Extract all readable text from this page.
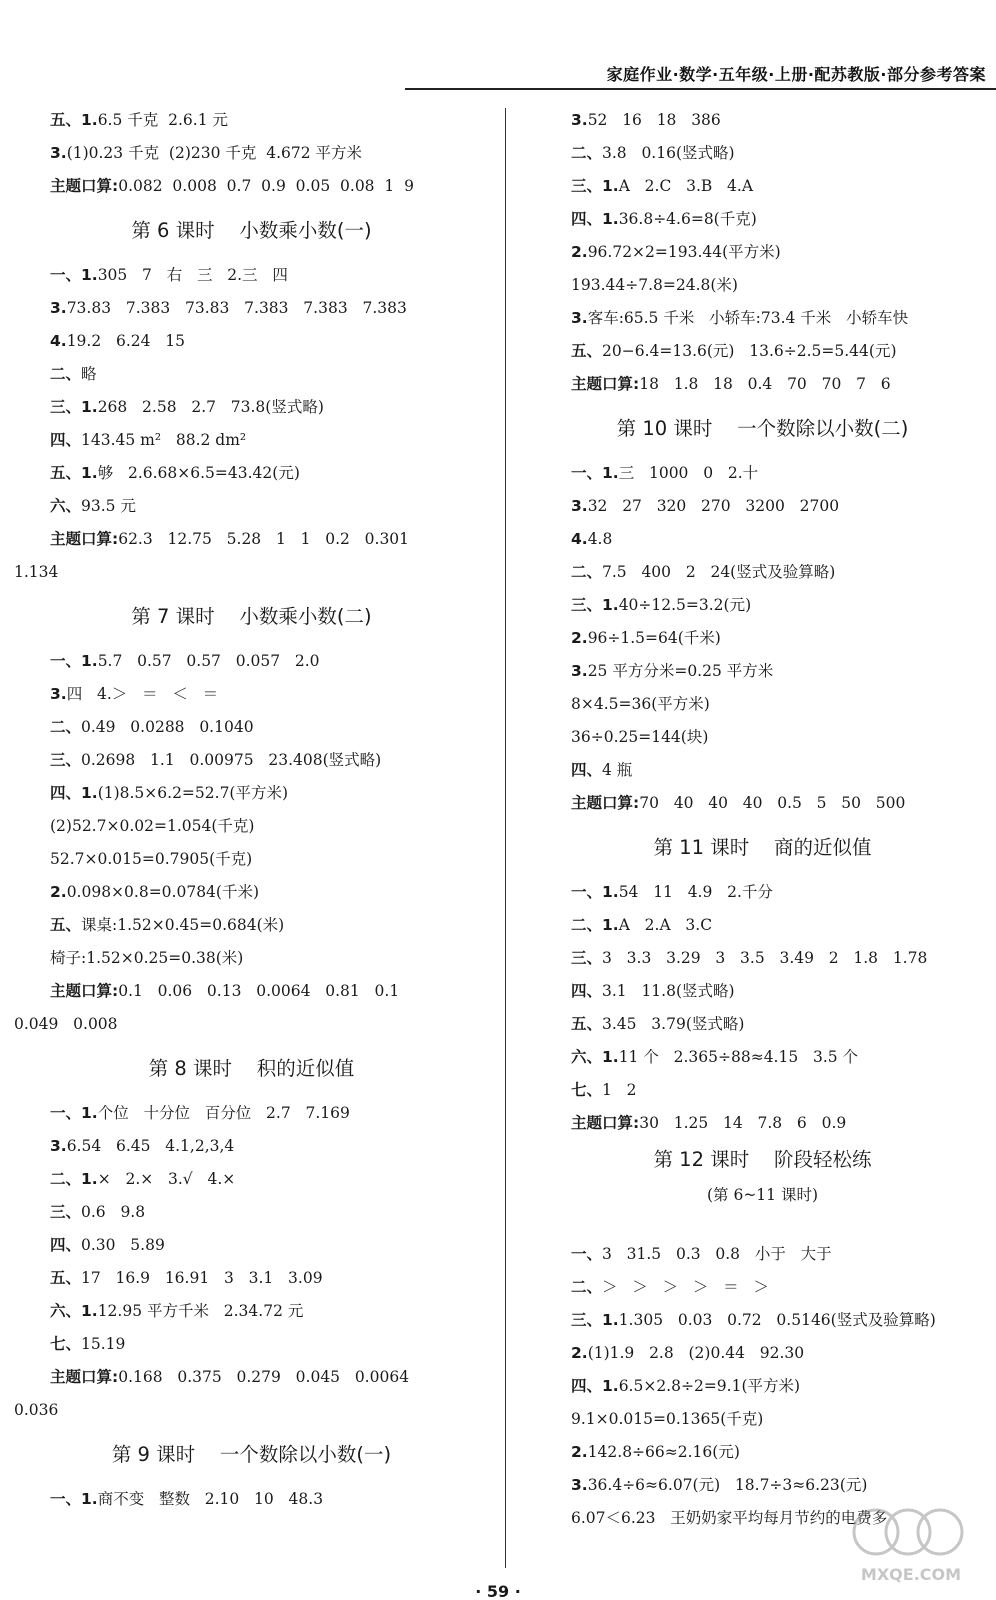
家庭作业·数学·五年级·上册·配苏教版·部分参考答案
五、1.6.5 千克  2.6.1 元
3.(1)0.23 千克  (2)230 千克  4.672 平方米
主题口算:0.082  0.008  0.7  0.9  0.05  0.08  1  9
第 6 课时    小数乘小数(一)
一、1.305   7   右   三   2.三   四
3.73.83   7.383   73.83   7.383   7.383   7.383
4.19.2   6.24   15
二、略
三、1.268   2.58   2.7   73.8(竖式略)
四、143.45 m²   88.2 dm²
五、1.够   2.6.68×6.5=43.42(元)
六、93.5 元
主题口算:62.3   12.75   5.28   1   1   0.2   0.301
1.134
第 7 课时    小数乘小数(二)
一、1.5.7   0.57   0.57   0.057   2.0
3.四   4.＞   ＝   ＜   ＝
二、0.49   0.0288   0.1040
三、0.2698   1.1   0.00975   23.408(竖式略)
四、1.(1)8.5×6.2=52.7(平方米)
(2)52.7×0.02=1.054(千克)
52.7×0.015=0.7905(千克)
2.0.098×0.8=0.0784(千米)
五、课桌:1.52×0.45=0.684(米)
椅子:1.52×0.25=0.38(米)
主题口算:0.1   0.06   0.13   0.0064   0.81   0.1
0.049   0.008
第 8 课时    积的近似值
一、1.个位   十分位   百分位   2.7   7.169
3.6.54   6.45   4.1,2,3,4
二、1.×   2.×   3.√   4.×
三、0.6   9.8
四、0.30   5.89
五、17   16.9   16.91   3   3.1   3.09
六、1.12.95 平方千米   2.34.72 元
七、15.19
主题口算:0.168   0.375   0.279   0.045   0.0064
0.036
第 9 课时    一个数除以小数(一)
一、1.商不变   整数   2.10   10   48.3
3.52   16   18   386
二、3.8   0.16(竖式略)
三、1.A   2.C   3.B   4.A
四、1.36.8÷4.6=8(千克)
2.96.72×2=193.44(平方米)
193.44÷7.8=24.8(米)
3.客车:65.5 千米   小轿车:73.4 千米   小轿车快
五、20−6.4=13.6(元)   13.6÷2.5=5.44(元)
主题口算:18   1.8   18   0.4   70   70   7   6
第 10 课时    一个数除以小数(二)
一、1.三   1000   0   2.十
3.32   27   320   270   3200   2700
4.4.8
二、7.5   400   2   24(竖式及验算略)
三、1.40÷12.5=3.2(元)
2.96÷1.5=64(千米)
3.25 平方分米=0.25 平方米
8×4.5=36(平方米)
36÷0.25=144(块)
四、4 瓶
主题口算:70   40   40   40   0.5   5   50   500
第 11 课时    商的近似值
一、1.54   11   4.9   2.千分
二、1.A   2.A   3.C
三、3   3.3   3.29   3   3.5   3.49   2   1.8   1.78
四、3.1   11.8(竖式略)
五、3.45   3.79(竖式略)
六、1.11 个   2.365÷88≈4.15   3.5 个
七、1   2
主题口算:30   1.25   14   7.8   6   0.9
第 12 课时    阶段轻松练
(第 6~11 课时)
一、3   31.5   0.3   0.8   小于   大于
二、＞   ＞   ＞   ＞   ＝   ＞
三、1.1.305   0.03   0.72   0.5146(竖式及验算略)
2.(1)1.9   2.8   (2)0.44   92.30
四、1.6.5×2.8÷2=9.1(平方米)
9.1×0.015=0.1365(千克)
2.142.8÷66≈2.16(元)
3.36.4÷6≈6.07(元)   18.7÷3≈6.23(元)
6.07＜6.23   王奶奶家平均每月节约的电费多
MXQE.COM
· 59 ·
